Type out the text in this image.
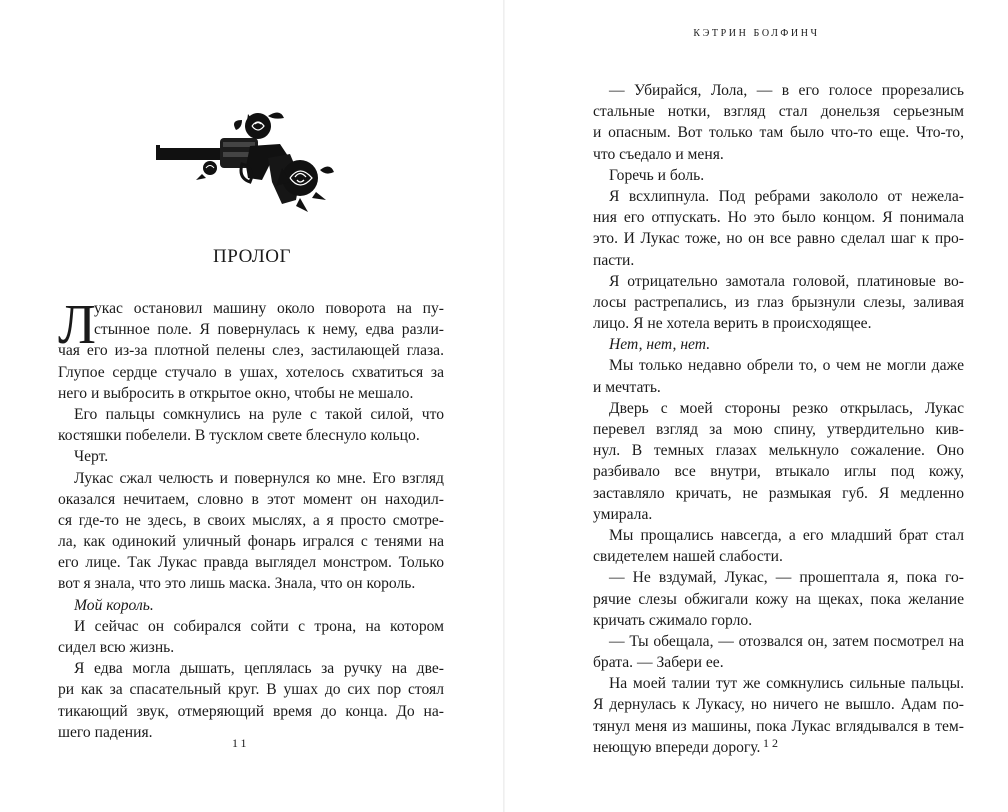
ПРОЛОГ
Л
укас остановил машину около поворота на пу-
стынное поле. Я повернулась к нему, едва разли-
чая его из-за плотной пелены слез, застилающей глаза.
Глупое сердце стучало в ушах, хотелось схватиться за
него и выбросить в открытое окно, чтобы не мешало.
Его пальцы сомкнулись на руле с такой силой, что
костяшки побелели. В тусклом свете блеснуло кольцо.
Черт.
Лукас сжал челюсть и повернулся ко мне. Его взгляд
оказался нечитаем, словно в этот момент он находил-
ся где-то не здесь, в своих мыслях, а я просто смотре-
ла, как одинокий уличный фонарь игрался с тенями на
его лице. Так Лукас правда выглядел монстром. Только
вот я знала, что это лишь маска. Знала, что он король.
Мой король.
И сейчас он собирался сойти с трона, на котором
сидел всю жизнь.
Я едва могла дышать, цеплялась за ручку на две-
ри как за спасательный круг. В ушах до сих пор стоял
тикающий звук, отмеряющий время до конца. До на-
шего падения.
11
КЭТРИН БОЛФИНЧ
— Убирайся, Лола, — в его голосе прорезались
стальные нотки, взгляд стал донельзя серьезным
и опасным. Вот только там было что-то еще. Что-то,
что съедало и меня.
Горечь и боль.
Я всхлипнула. Под ребрами закололо от нежела-
ния его отпускать. Но это было концом. Я понимала
это. И Лукас тоже, но он все равно сделал шаг к про-
пасти.
Я отрицательно замотала головой, платиновые во-
лосы растрепались, из глаз брызнули слезы, заливая
лицо. Я не хотела верить в происходящее.
Нет, нет, нет.
Мы только недавно обрели то, о чем не могли даже
и мечтать.
Дверь с моей стороны резко открылась, Лукас
перевел взгляд за мою спину, утвердительно кив-
нул. В темных глазах мелькнуло сожаление. Оно
разбивало все внутри, втыкало иглы под кожу,
заставляло кричать, не размыкая губ. Я медленно
умирала.
Мы прощались навсегда, а его младший брат стал
свидетелем нашей слабости.
— Не вздумай, Лукас, — прошептала я, пока го-
рячие слезы обжигали кожу на щеках, пока желание
кричать сжимало горло.
— Ты обещала, — отозвался он, затем посмотрел на
брата. — Забери ее.
На моей талии тут же сомкнулись сильные пальцы.
Я дернулась к Лукасу, но ничего не вышло. Адам по-
тянул меня из машины, пока Лукас вглядывался в тем-
неющую впереди дорогу. 12
